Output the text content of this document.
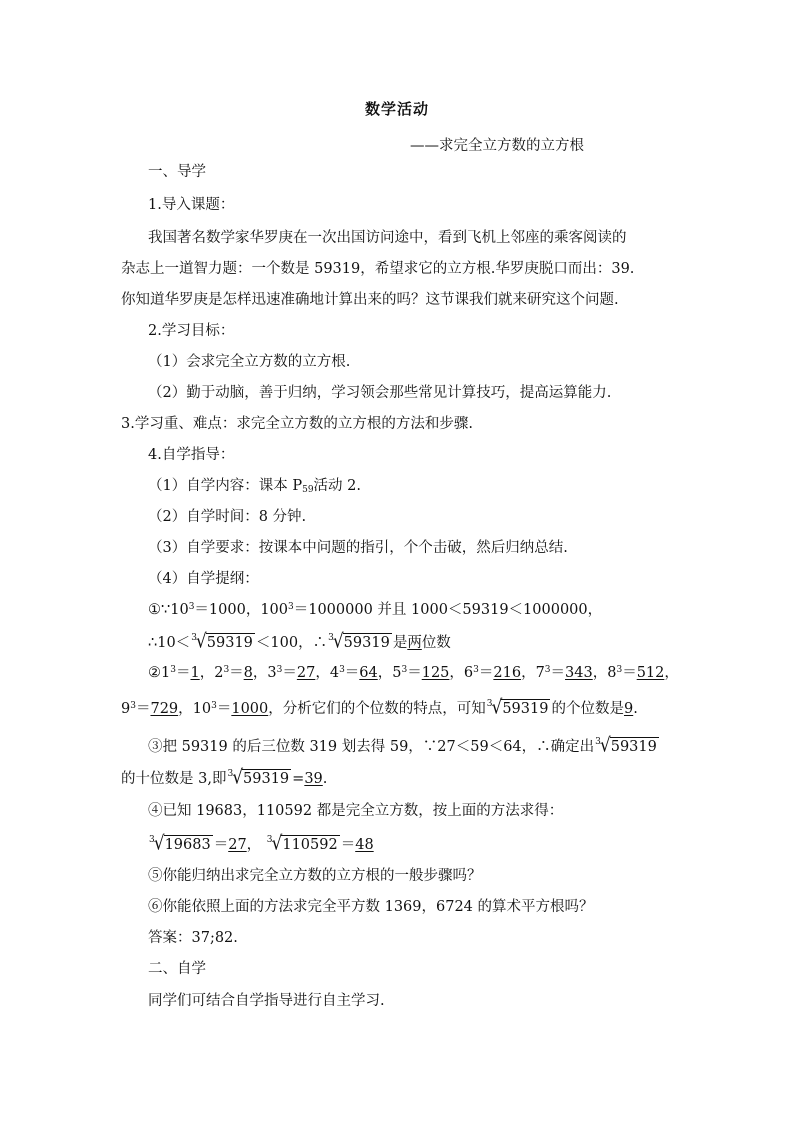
数学活动
——求完全立方数的立方根
一、导学
1.导入课题：
我国著名数学家华罗庚在一次出国访问途中，看到飞机上邻座的乘客阅读的
杂志上一道智力题：一个数是 59319，希望求它的立方根.华罗庚脱口而出：39.
你知道华罗庚是怎样迅速准确地计算出来的吗？这节课我们就来研究这个问题.
2.学习目标：
（1）会求完全立方数的立方根.
（2）勤于动脑，善于归纳，学习领会那些常见计算技巧，提高运算能力.
3.学习重、难点：求完全立方数的立方根的方法和步骤.
4.自学指导：
（1）自学内容：课本 $P_{59}$活动 2.
（2）自学时间：8 分钟.
（3）自学要求：按课本中问题的指引，个个击破，然后归纳总结.
（4）自学提纲：
$①\because 10^3=1000$，$100^3=1000000$ 并且 1000＜59319＜1000000，
∴10＜$^3$√59319 ＜100，∴$^3$√59319 是两位数
$②1^3=1$，$2^3=8$，$3^3=27$，$4^3=64$，$5^3=125$，$6^3=216$，$7^3=343$，$8^3=512$，
$9^3=729$，$10^3=1000$，分析它们的个位数的特点，可知$^3$√59319 的个位数是9.
③把 59319 的后三位数 319 划去得 59，∵27＜59＜64，∴确定出$^3$√59319
的十位数是 3,即$^3$√59319 =39.
④已知 19683，110592 都是完全立方数，按上面的方法求得：
$^3$√19683 ＝27， $^3$√110592 ＝48
⑤你能归纳出求完全立方数的立方根的一般步骤吗？
⑥你能依照上面的方法求完全平方数 1369，6724 的算术平方根吗？
答案：37;82.
二、自学
同学们可结合自学指导进行自主学习.
